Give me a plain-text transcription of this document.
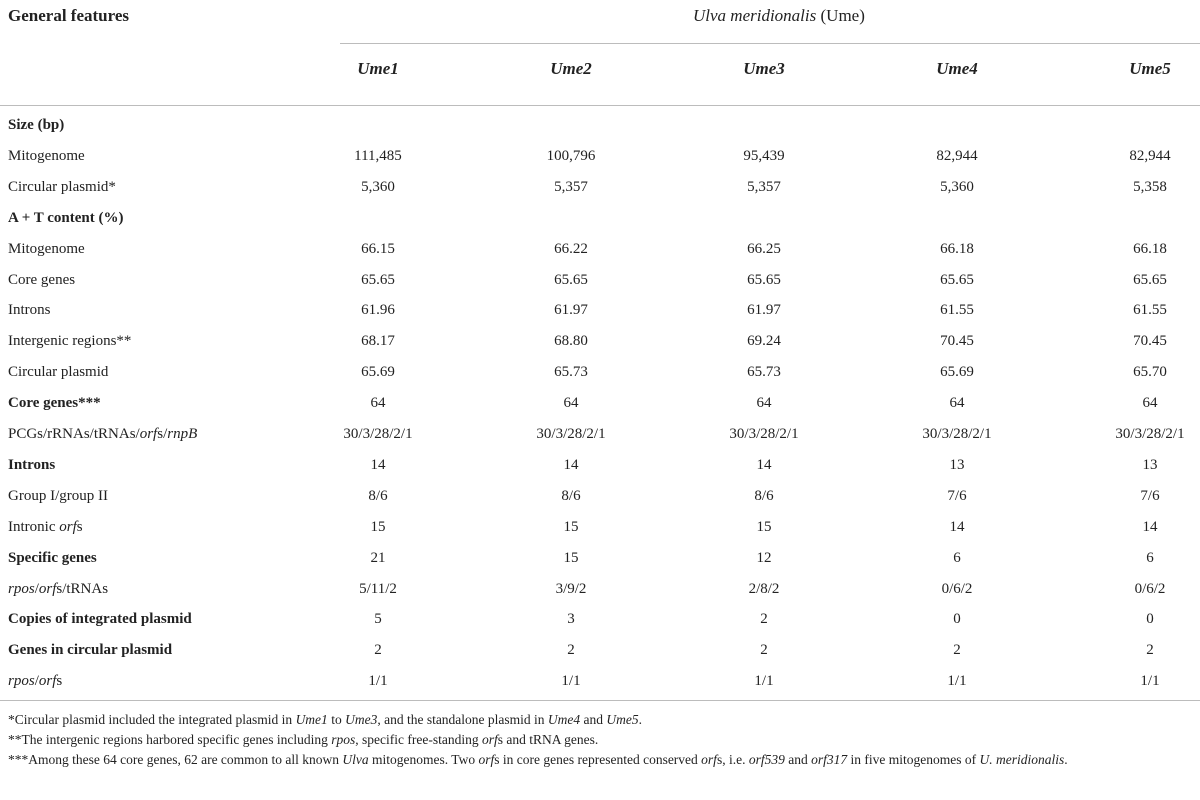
General features	Ulva meridionalis (Ume)
Ume1	Ume2	Ume3	Ume4	Ume5
Size (bp)
Mitogenome	111,485	100,796	95,439	82,944	82,944
Circular plasmid*	5,360	5,357	5,357	5,360	5,358
A + T content (%)
Mitogenome	66.15	66.22	66.25	66.18	66.18
Core genes	65.65	65.65	65.65	65.65	65.65
Introns	61.96	61.97	61.97	61.55	61.55
Intergenic regions**	68.17	68.80	69.24	70.45	70.45
Circular plasmid	65.69	65.73	65.73	65.69	65.70
Core genes***	64	64	64	64	64
PCGs/rRNAs/tRNAs/orfs/rnpB	30/3/28/2/1	30/3/28/2/1	30/3/28/2/1	30/3/28/2/1	30/3/28/2/1
Introns	14	14	14	13	13
Group I/group II	8/6	8/6	8/6	7/6	7/6
Intronic orfs	15	15	15	14	14
Specific genes	21	15	12	6	6
rpos/orfs/tRNAs	5/11/2	3/9/2	2/8/2	0/6/2	0/6/2
Copies of integrated plasmid	5	3	2	0	0
Genes in circular plasmid	2	2	2	2	2
rpos/orfs	1/1	1/1	1/1	1/1	1/1

*Circular plasmid included the integrated plasmid in Ume1 to Ume3, and the standalone plasmid in Ume4 and Ume5.

**The intergenic regions harbored specific genes including rpos, specific free-standing orfs and tRNA genes.

***Among these 64 core genes, 62 are common to all known Ulva mitogenomes. Two orfs in core genes represented conserved orfs, i.e. orf539 and orf317 in five mitogenomes of U. meridionalis.
